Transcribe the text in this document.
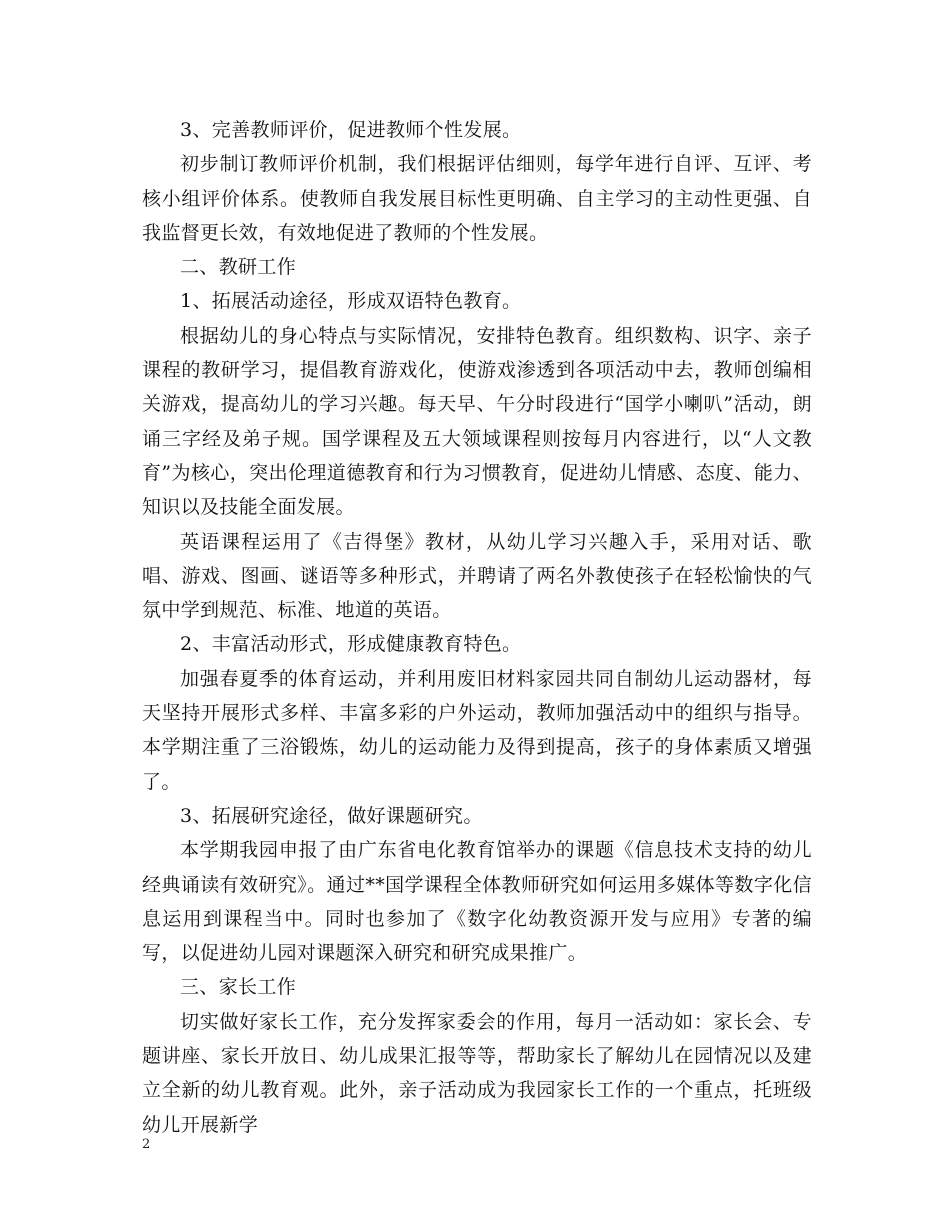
3、完善教师评价，促进教师个性发展。

初步制订教师评价机制，我们根据评估细则，每学年进行自评、互评、考核小组评价体系。使教师自我发展目标性更明确、自主学习的主动性更强、自我监督更长效，有效地促进了教师的个性发展。

二、教研工作

1、拓展活动途径，形成双语特色教育。

根据幼儿的身心特点与实际情况，安排特色教育。组织数构、识字、亲子课程的教研学习，提倡教育游戏化，使游戏渗透到各项活动中去，教师创编相关游戏，提高幼儿的学习兴趣。每天早、午分时段进行“国学小喇叭”活动，朗诵三字经及弟子规。国学课程及五大领域课程则按每月内容进行，以“人文教育”为核心，突出伦理道德教育和行为习惯教育，促进幼儿情感、态度、能力、知识以及技能全面发展。

英语课程运用了《吉得堡》教材，从幼儿学习兴趣入手，采用对话、歌唱、游戏、图画、谜语等多种形式，并聘请了两名外教使孩子在轻松愉快的气氛中学到规范、标准、地道的英语。

2、丰富活动形式，形成健康教育特色。

加强春夏季的体育运动，并利用废旧材料家园共同自制幼儿运动器材，每天坚持开展形式多样、丰富多彩的户外运动，教师加强活动中的组织与指导。本学期注重了三浴锻炼，幼儿的运动能力及得到提高，孩子的身体素质又增强了。

3、拓展研究途径，做好课题研究。

本学期我园申报了由广东省电化教育馆举办的课题《信息技术支持的幼儿经典诵读有效研究》。通过**国学课程全体教师研究如何运用多媒体等数字化信息运用到课程当中。同时也参加了《数字化幼教资源开发与应用》专著的编写，以促进幼儿园对课题深入研究和研究成果推广。

三、家长工作

切实做好家长工作，充分发挥家委会的作用，每月一活动如：家长会、专题讲座、家长开放日、幼儿成果汇报等等，帮助家长了解幼儿在园情况以及建立全新的幼儿教育观。此外，亲子活动成为我园家长工作的一个重点，托班级幼儿开展新学

2
